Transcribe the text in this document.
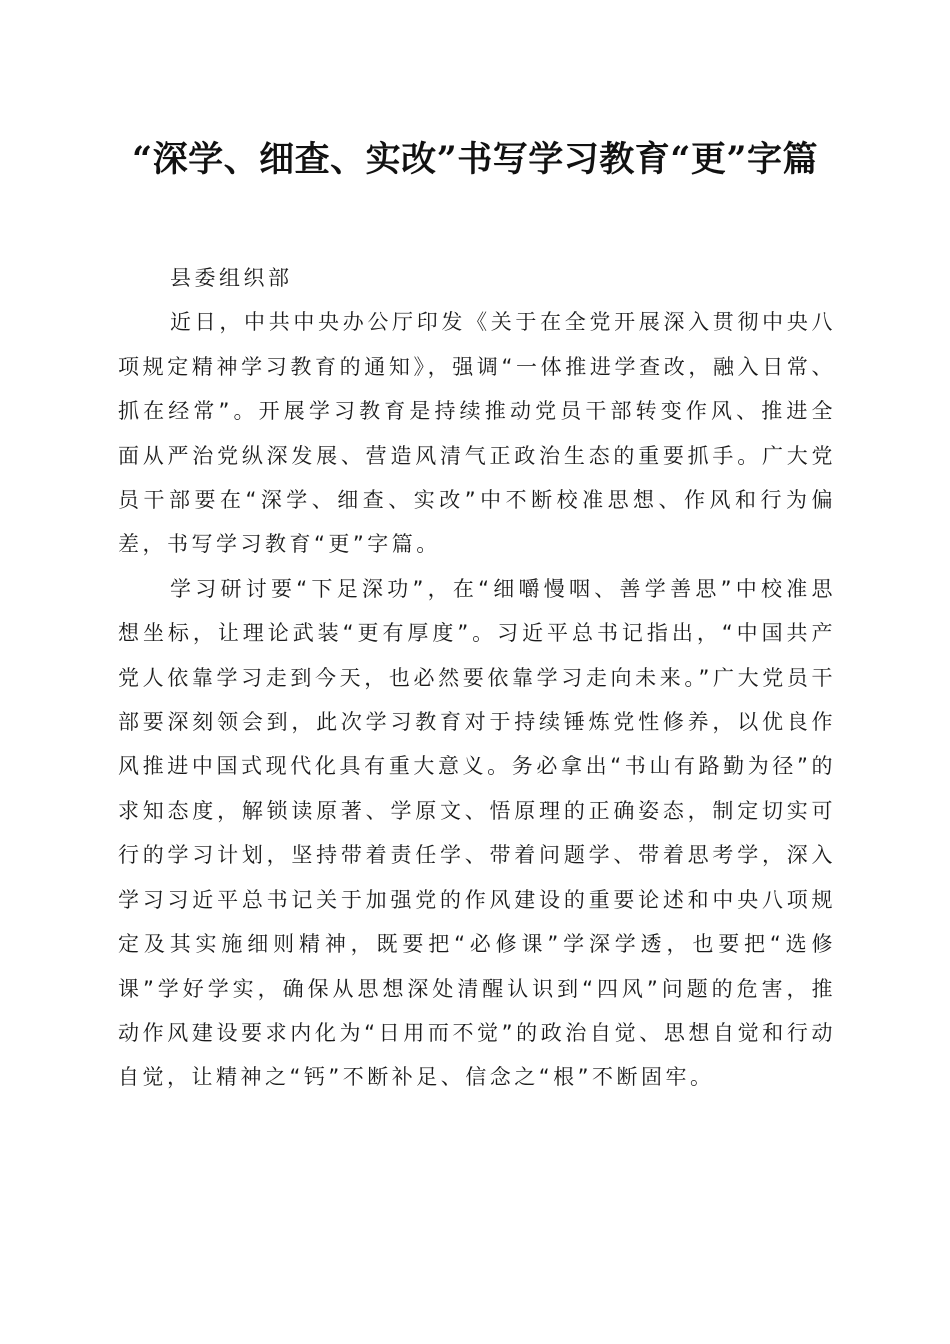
“深学、细查、实改”书写学习教育“更”字篇

县委组织部

近日，中共中央办公厅印发《关于在全党开展深入贯彻中央八项规定精神学习教育的通知》，强调“一体推进学查改，融入日常、抓在经常”。开展学习教育是持续推动党员干部转变作风、推进全面从严治党纵深发展、营造风清气正政治生态的重要抓手。广大党员干部要在“深学、细查、实改”中不断校准思想、作风和行为偏差，书写学习教育“更”字篇。

学习研讨要“下足深功”，在“细嚼慢咽、善学善思”中校准思想坐标，让理论武装“更有厚度”。习近平总书记指出，“中国共产党人依靠学习走到今天，也必然要依靠学习走向未来。”广大党员干部要深刻领会到，此次学习教育对于持续锤炼党性修养，以优良作风推进中国式现代化具有重大意义。务必拿出“书山有路勤为径”的求知态度，解锁读原著、学原文、悟原理的正确姿态，制定切实可行的学习计划，坚持带着责任学、带着问题学、带着思考学，深入学习习近平总书记关于加强党的作风建设的重要论述和中央八项规定及其实施细则精神，既要把“必修课”学深学透，也要把“选修课”学好学实，确保从思想深处清醒认识到“四风”问题的危害，推动作风建设要求内化为“日用而不觉”的政治自觉、思想自觉和行动自觉，让精神之“钙”不断补足、信念之“根”不断固牢。
